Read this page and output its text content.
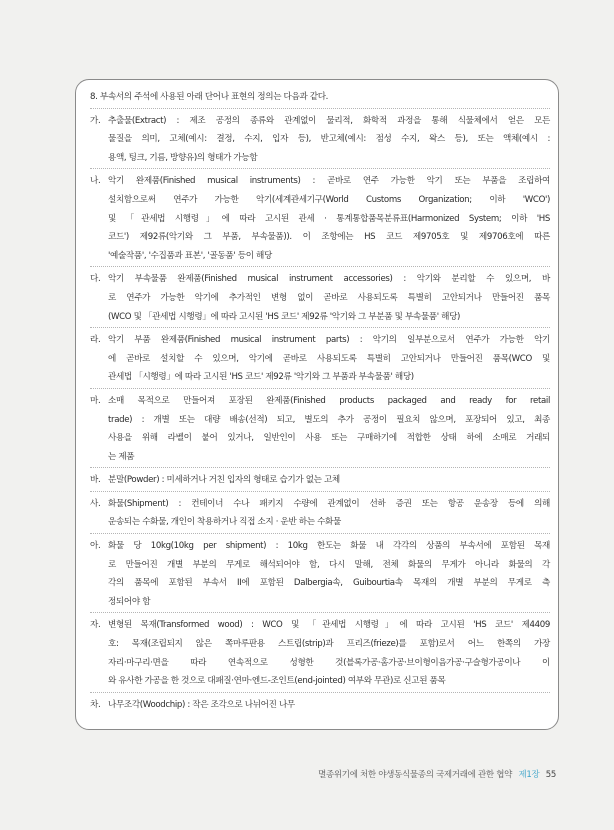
8. 부속서의 주석에 사용된 아래 단어나 표현의 정의는 다음과 같다.
가. 추출물(Extract) : 제조 공정의 종류와 관계없이 물리적, 화학적 과정을 통해 식물체에서 얻은 모든
물질을 의미, 고체(예시: 결정, 수지, 입자 등), 반고체(예시: 점성 수지, 왁스 등), 또는 액체(예시 :
용액, 팅크, 기름, 방향유)의 형태가 가능함
나. 악기 완제품(Finished musical instruments) : 곧바로 연주 가능한 악기 또는 부품을 조립하여
설치함으로써 연주가 가능한 악기(세계관세기구(World Customs Organization; 이하 'WCO')
및 「관세법 시행령」에 따라 고시된 관세 · 통계통합품목분류표(Harmonized System; 이하 'HS
코드') 제92류(악기와 그 부품, 부속물품)). 이 조항에는 HS 코드 제9705호 및 제9706호에 따른
'예술작품', '수집품과 표본', '골동품' 등이 해당
다. 악기 부속물품 완제품(Finished musical instrument accessories) : 악기와 분리할 수 있으며, 바
로 연주가 가능한 악기에 추가적인 변형 없이 곧바로 사용되도록 특별히 고안되거나 만들어진 품목
(WCO 및 「관세법 시행령」에 따라 고시된 'HS 코드' 제92류 '악기와 그 부분품 및 부속물품' 해당)
라. 악기 부품 완제품(Finished musical instrument parts) : 악기의 일부분으로서 연주가 가능한 악기
에 곧바로 설치할 수 있으며, 악기에 곧바로 사용되도록 특별히 고안되거나 만들어진 품목(WCO 및
관세법 「시행령」에 따라 고시된 'HS 코드' 제92류 '악기와 그 부품과 부속물품' 해당)
마. 소매 목적으로 만들어져 포장된 완제품(Finished products packaged and ready for retail
trade) : 개별 또는 대량 배송(선적) 되고, 별도의 추가 공정이 필요치 않으며, 포장되어 있고, 최종
사용을 위해 라벨이 붙어 있거나, 일반인이 사용 또는 구매하기에 적합한 상태 하에 소매로 거래되
는 제품
바. 분말(Powder) : 미세하거나 거친 입자의 형태로 습기가 없는 고체
사. 화물(Shipment) : 컨테이너 수나 패키지 수량에 관계없이 선하 증권 또는 항공 운송장 등에 의해
운송되는 수화물, 개인이 착용하거나 직접 소지 · 운반 하는 수화물
아. 화물 당 10kg(10kg per shipment) : 10kg 한도는 화물 내 각각의 상품의 부속서에 포함된 목재
로 만들어진 개별 부분의 무게로 해석되어야 함, 다시 말해, 전체 화물의 무게가 아니라 화물의 각
각의 품목에 포함된 부속서 II에 포함된 Dalbergia속, Guibourtia속 목재의 개별 부분의 무게로 측
정되어야 함
자. 변형된 목재(Transformed wood) : WCO 및 「관세법 시행령」에 따라 고시된 'HS 코드' 제4409
호: 목재(조립되지 않은 쪽마루판용 스트립(strip)과 프리즈(frieze)를 포함)로서 어느 한쪽의 가장
자리·마구리·면을 따라 연속적으로 성형한 것(블록가공·홈가공·브이형이음가공·구슬형가공이나 이
와 유사한 가공을 한 것으로 대패질·연마·엔드-조인트(end-jointed) 여부와 무관)로 신고된 품목
차. 나무조각(Woodchip) : 작은 조각으로 나뉘어진 나무
멸종위기에 처한 야생동식물종의 국제거래에 관한 협약 제1장 55
